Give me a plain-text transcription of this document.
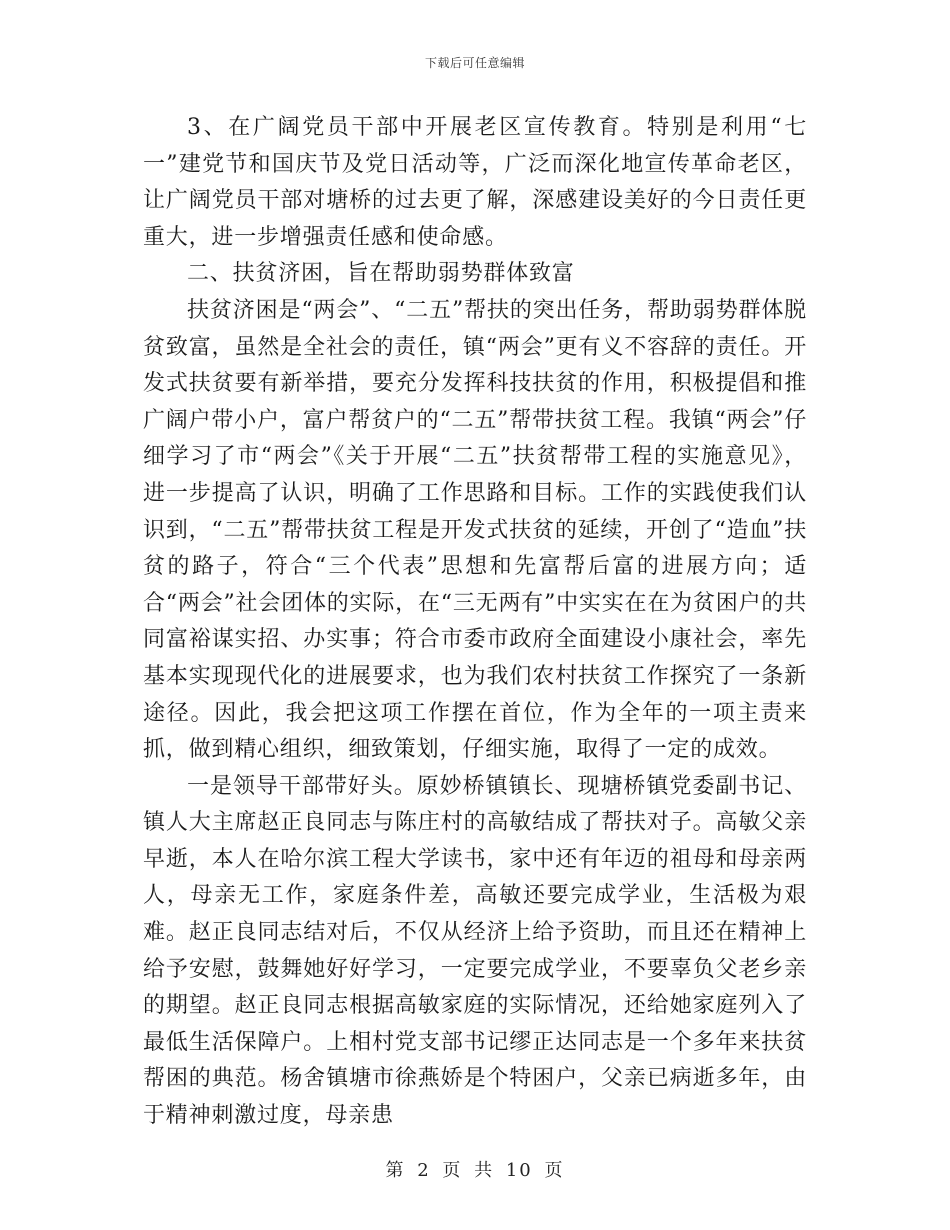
下载后可任意编辑

3、在广阔党员干部中开展老区宣传教育。特别是利用“七一”建党节和国庆节及党日活动等，广泛而深化地宣传革命老区，让广阔党员干部对塘桥的过去更了解，深感建设美好的今日责任更重大，进一步增强责任感和使命感。

二、扶贫济困，旨在帮助弱势群体致富

扶贫济困是“两会”、“二五”帮扶的突出任务，帮助弱势群体脱贫致富，虽然是全社会的责任，镇“两会”更有义不容辞的责任。开发式扶贫要有新举措，要充分发挥科技扶贫的作用，积极提倡和推广阔户带小户，富户帮贫户的“二五”帮带扶贫工程。我镇“两会”仔细学习了市“两会”《关于开展“二五”扶贫帮带工程的实施意见》，进一步提高了认识，明确了工作思路和目标。工作的实践使我们认识到，“二五”帮带扶贫工程是开发式扶贫的延续，开创了“造血”扶贫的路子，符合“三个代表”思想和先富帮后富的进展方向；适合“两会”社会团体的实际，在“三无两有”中实实在在为贫困户的共同富裕谋实招、办实事；符合市委市政府全面建设小康社会，率先基本实现现代化的进展要求，也为我们农村扶贫工作探究了一条新途径。因此，我会把这项工作摆在首位，作为全年的一项主责来抓，做到精心组织，细致策划，仔细实施，取得了一定的成效。

一是领导干部带好头。原妙桥镇镇长、现塘桥镇党委副书记、镇人大主席赵正良同志与陈庄村的高敏结成了帮扶对子。高敏父亲早逝，本人在哈尔滨工程大学读书，家中还有年迈的祖母和母亲两人，母亲无工作，家庭条件差，高敏还要完成学业，生活极为艰难。赵正良同志结对后，不仅从经济上给予资助，而且还在精神上给予安慰，鼓舞她好好学习，一定要完成学业，不要辜负父老乡亲的期望。赵正良同志根据高敏家庭的实际情况，还给她家庭列入了最低生活保障户。上相村党支部书记缪正达同志是一个多年来扶贫帮困的典范。杨舍镇塘市徐燕娇是个特困户，父亲已病逝多年，由于精神刺激过度，母亲患

第 2 页 共 10 页
